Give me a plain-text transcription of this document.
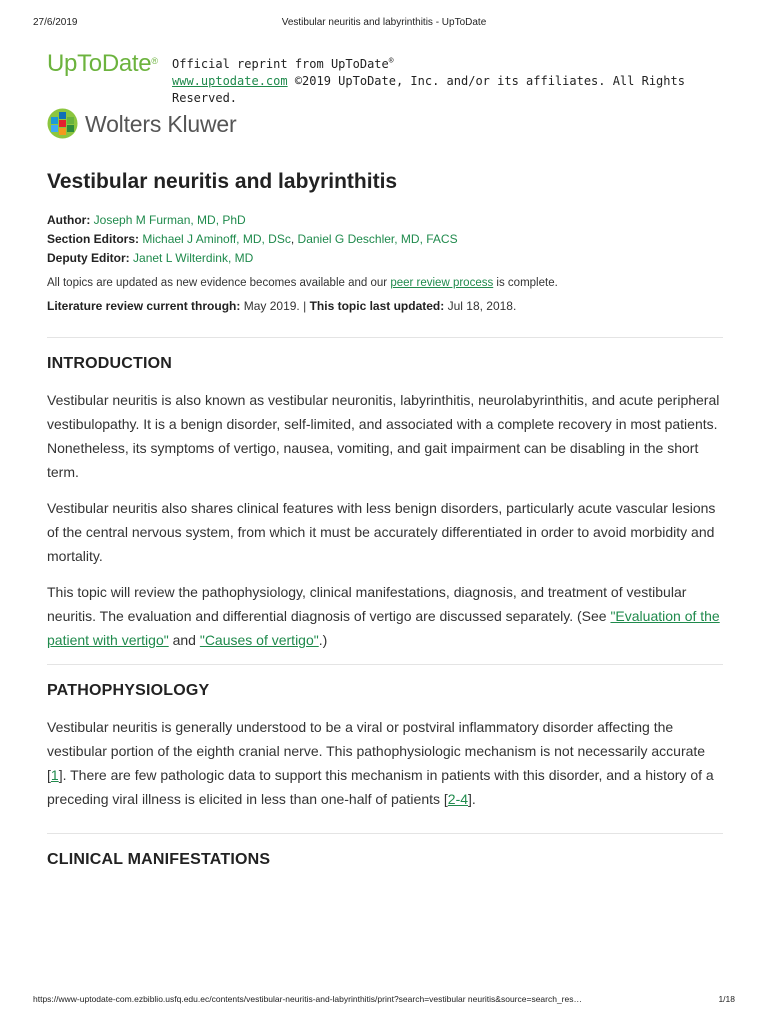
27/6/2019	Vestibular neuritis and labyrinthitis - UpToDate
UpToDate® Official reprint from UpToDate®
www.uptodate.com ©2019 UpToDate, Inc. and/or its affiliates. All Rights Reserved.
Wolters Kluwer
Vestibular neuritis and labyrinthitis
Author: Joseph M Furman, MD, PhD
Section Editors: Michael J Aminoff, MD, DSc, Daniel G Deschler, MD, FACS
Deputy Editor: Janet L Wilterdink, MD
All topics are updated as new evidence becomes available and our peer review process is complete.
Literature review current through: May 2019. | This topic last updated: Jul 18, 2018.
INTRODUCTION

Vestibular neuritis is also known as vestibular neuronitis, labyrinthitis, neurolabyrinthitis, and acute peripheral vestibulopathy. It is a benign disorder, self-limited, and associated with a complete recovery in most patients. Nonetheless, its symptoms of vertigo, nausea, vomiting, and gait impairment can be disabling in the short term.

Vestibular neuritis also shares clinical features with less benign disorders, particularly acute vascular lesions of the central nervous system, from which it must be accurately differentiated in order to avoid morbidity and mortality.

This topic will review the pathophysiology, clinical manifestations, diagnosis, and treatment of vestibular neuritis. The evaluation and differential diagnosis of vertigo are discussed separately. (See "Evaluation of the patient with vertigo" and "Causes of vertigo".)

PATHOPHYSIOLOGY

Vestibular neuritis is generally understood to be a viral or postviral inflammatory disorder affecting the vestibular portion of the eighth cranial nerve. This pathophysiologic mechanism is not necessarily accurate [1]. There are few pathologic data to support this mechanism in patients with this disorder, and a history of a preceding viral illness is elicited in less than one-half of patients [2-4].

CLINICAL MANIFESTATIONS
https://www-uptodate-com.ezbiblio.usfq.edu.ec/contents/vestibular-neuritis-and-labyrinthitis/print?search=vestibular neuritis&source=search_res…	1/18
